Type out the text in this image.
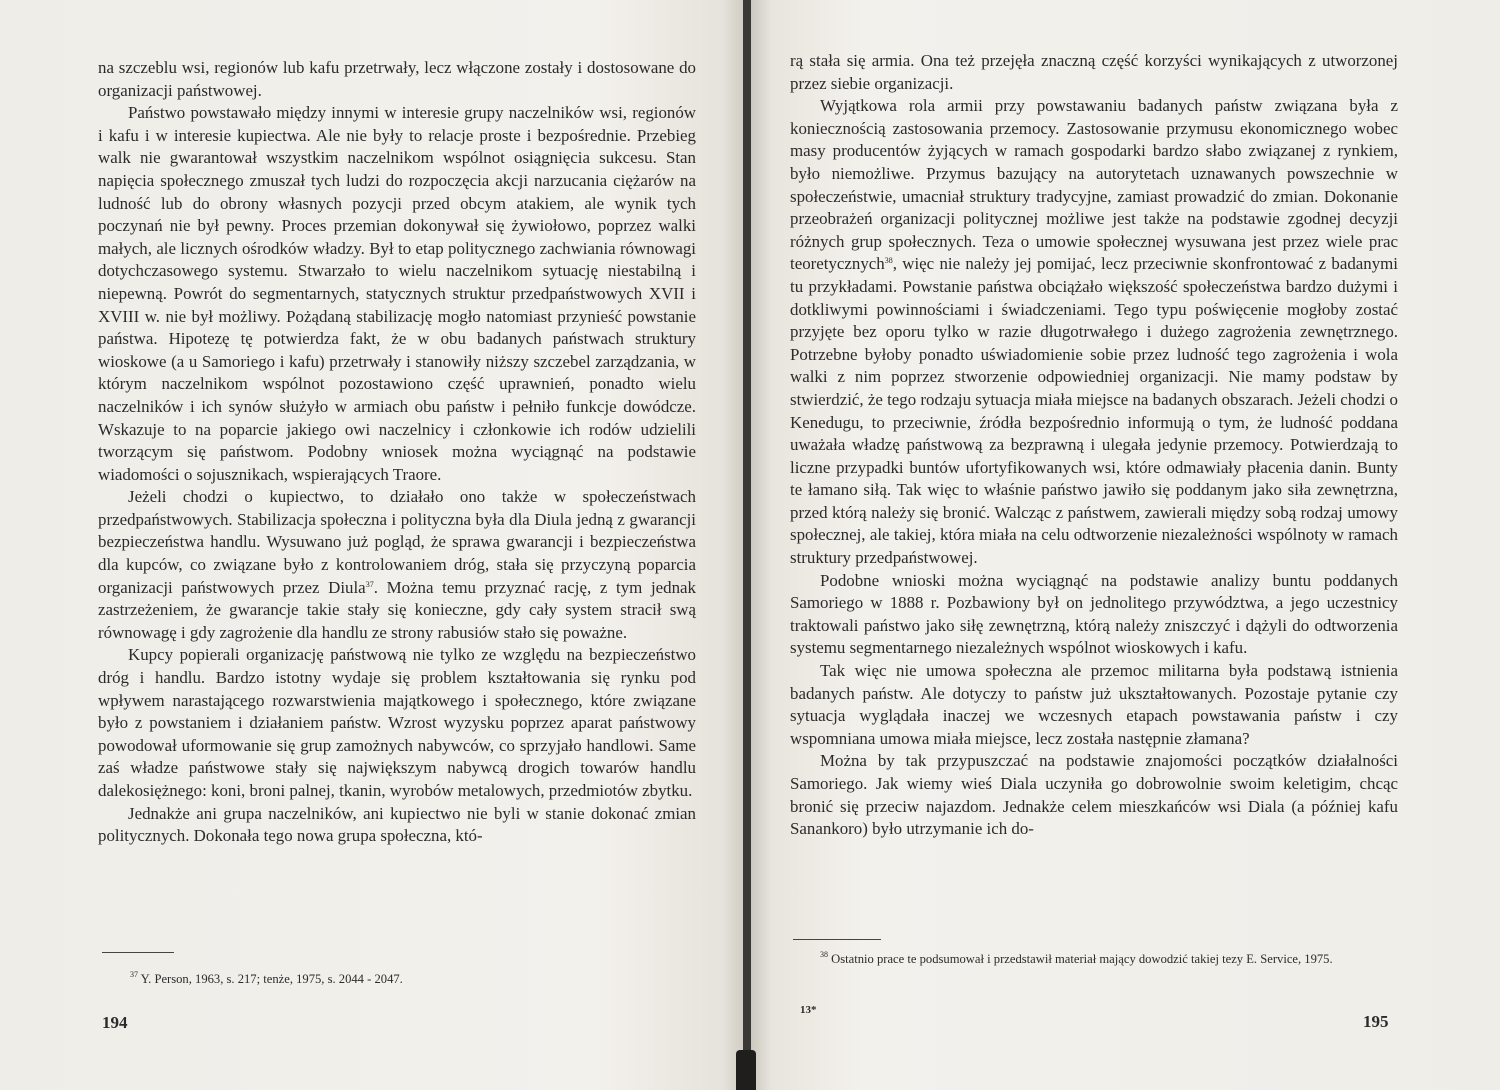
na szczeblu wsi, regionów lub kafu przetrwały, lecz włączone zostały i dostosowane do organizacji państwowej.

Państwo powstawało między innymi w interesie grupy naczelników wsi, regionów i kafu i w interesie kupiectwa. Ale nie były to relacje proste i bezpośrednie. Przebieg walk nie gwarantował wszystkim naczelnikom wspólnot osiągnięcia sukcesu. Stan napięcia społecznego zmuszał tych ludzi do rozpoczęcia akcji narzucania ciężarów na ludność lub do obrony własnych pozycji przed obcym atakiem, ale wynik tych poczynań nie był pewny. Proces przemian dokonywał się żywiołowo, poprzez walki małych, ale licznych ośrodków władzy. Był to etap politycznego zachwiania równowagi dotychczasowego systemu. Stwarzało to wielu naczelnikom sytuację niestabilną i niepewną. Powrót do segmentarnych, statycznych struktur przedpaństwowych XVII i XVIII w. nie był możliwy. Pożądaną stabilizację mogło natomiast przynieść powstanie państwa. Hipotezę tę potwierdza fakt, że w obu badanych państwach struktury wioskowe (a u Samoriego i kafu) przetrwały i stanowiły niższy szczebel zarządzania, w którym naczelnikom wspólnot pozostawiono część uprawnień, ponadto wielu naczelników i ich synów służyło w armiach obu państw i pełniło funkcje dowódcze. Wskazuje to na poparcie jakiego owi naczelnicy i członkowie ich rodów udzielili tworzącym się państwom. Podobny wniosek można wyciągnąć na podstawie wiadomości o sojusznikach, wspierających Traore.

Jeżeli chodzi o kupiectwo, to działało ono także w społeczeństwach przedpaństwowych. Stabilizacja społeczna i polityczna była dla Diula jedną z gwarancji bezpieczeństwa handlu. Wysuwano już pogląd, że sprawa gwarancji i bezpieczeństwa dla kupców, co związane było z kontrolowaniem dróg, stała się przyczyną poparcia organizacji państwowych przez Diula$^{37}$. Można temu przyznać rację, z tym jednak zastrzeżeniem, że gwarancje takie stały się konieczne, gdy cały system stracił swą równowagę i gdy zagrożenie dla handlu ze strony rabusiów stało się poważne.

Kupcy popierali organizację państwową nie tylko ze względu na bezpieczeństwo dróg i handlu. Bardzo istotny wydaje się problem kształtowania się rynku pod wpływem narastającego rozwarstwienia majątkowego i społecznego, które związane było z powstaniem i działaniem państw. Wzrost wyzysku poprzez aparat państwowy powodował uformowanie się grup zamożnych nabywców, co sprzyjało handlowi. Same zaś władze państwowe stały się największym nabywcą drogich towarów handlu dalekosiężnego: koni, broni palnej, tkanin, wyrobów metalowych, przedmiotów zbytku.

Jednakże ani grupa naczelników, ani kupiectwo nie byli w stanie dokonać zmian politycznych. Dokonała tego nowa grupa społeczna, któ-

$^{37}$ Y. Person, 1963, s. 217; tenże, 1975, s. 2044 - 2047.
194

rą stała się armia. Ona też przejęła znaczną część korzyści wynikających z utworzonej przez siebie organizacji.

Wyjątkowa rola armii przy powstawaniu badanych państw związana była z koniecznością zastosowania przemocy. Zastosowanie przymusu ekonomicznego wobec masy producentów żyjących w ramach gospodarki bardzo słabo związanej z rynkiem, było niemożliwe. Przymus bazujący na autorytetach uznawanych powszechnie w społeczeństwie, umacniał struktury tradycyjne, zamiast prowadzić do zmian. Dokonanie przeobrażeń organizacji politycznej możliwe jest także na podstawie zgodnej decyzji różnych grup społecznych. Teza o umowie społecznej wysuwana jest przez wiele prac teoretycznych$^{38}$, więc nie należy jej pomijać, lecz przeciwnie skonfrontować z badanymi tu przykładami. Powstanie państwa obciążało większość społeczeństwa bardzo dużymi i dotkliwymi powinnościami i świadczeniami. Tego typu poświęcenie mogłoby zostać przyjęte bez oporu tylko w razie długotrwałego i dużego zagrożenia zewnętrznego. Potrzebne byłoby ponadto uświadomienie sobie przez ludność tego zagrożenia i wola walki z nim poprzez stworzenie odpowiedniej organizacji. Nie mamy podstaw by stwierdzić, że tego rodzaju sytuacja miała miejsce na badanych obszarach. Jeżeli chodzi o Kenedugu, to przeciwnie, źródła bezpośrednio informują o tym, że ludność poddana uważała władzę państwową za bezprawną i ulegała jedynie przemocy. Potwierdzają to liczne przypadki buntów ufortyfikowanych wsi, które odmawiały płacenia danin. Bunty te łamano siłą. Tak więc to właśnie państwo jawiło się poddanym jako siła zewnętrzna, przed którą należy się bronić. Walcząc z państwem, zawierali między sobą rodzaj umowy społecznej, ale takiej, która miała na celu odtworzenie niezależności wspólnoty w ramach struktury przedpaństwowej.

Podobne wnioski można wyciągnąć na podstawie analizy buntu poddanych Samoriego w 1888 r. Pozbawiony był on jednolitego przywództwa, a jego uczestnicy traktowali państwo jako siłę zewnętrzną, którą należy zniszczyć i dążyli do odtworzenia systemu segmentarnego niezależnych wspólnot wioskowych i kafu.

Tak więc nie umowa społeczna ale przemoc militarna była podstawą istnienia badanych państw. Ale dotyczy to państw już ukształtowanych. Pozostaje pytanie czy sytuacja wyglądała inaczej we wczesnych etapach powstawania państw i czy wspomniana umowa miała miejsce, lecz została następnie złamana?

Można by tak przypuszczać na podstawie znajomości początków działalności Samoriego. Jak wiemy wieś Diala uczyniła go dobrowolnie swoim keletigim, chcąc bronić się przeciw najazdom. Jednakże celem mieszkańców wsi Diala (a później kafu Sanankoro) było utrzymanie ich do-

$^{38}$ Ostatnio prace te podsumował i przedstawił materiał mający dowodzić takiej tezy E. Service, 1975.
13*
195
